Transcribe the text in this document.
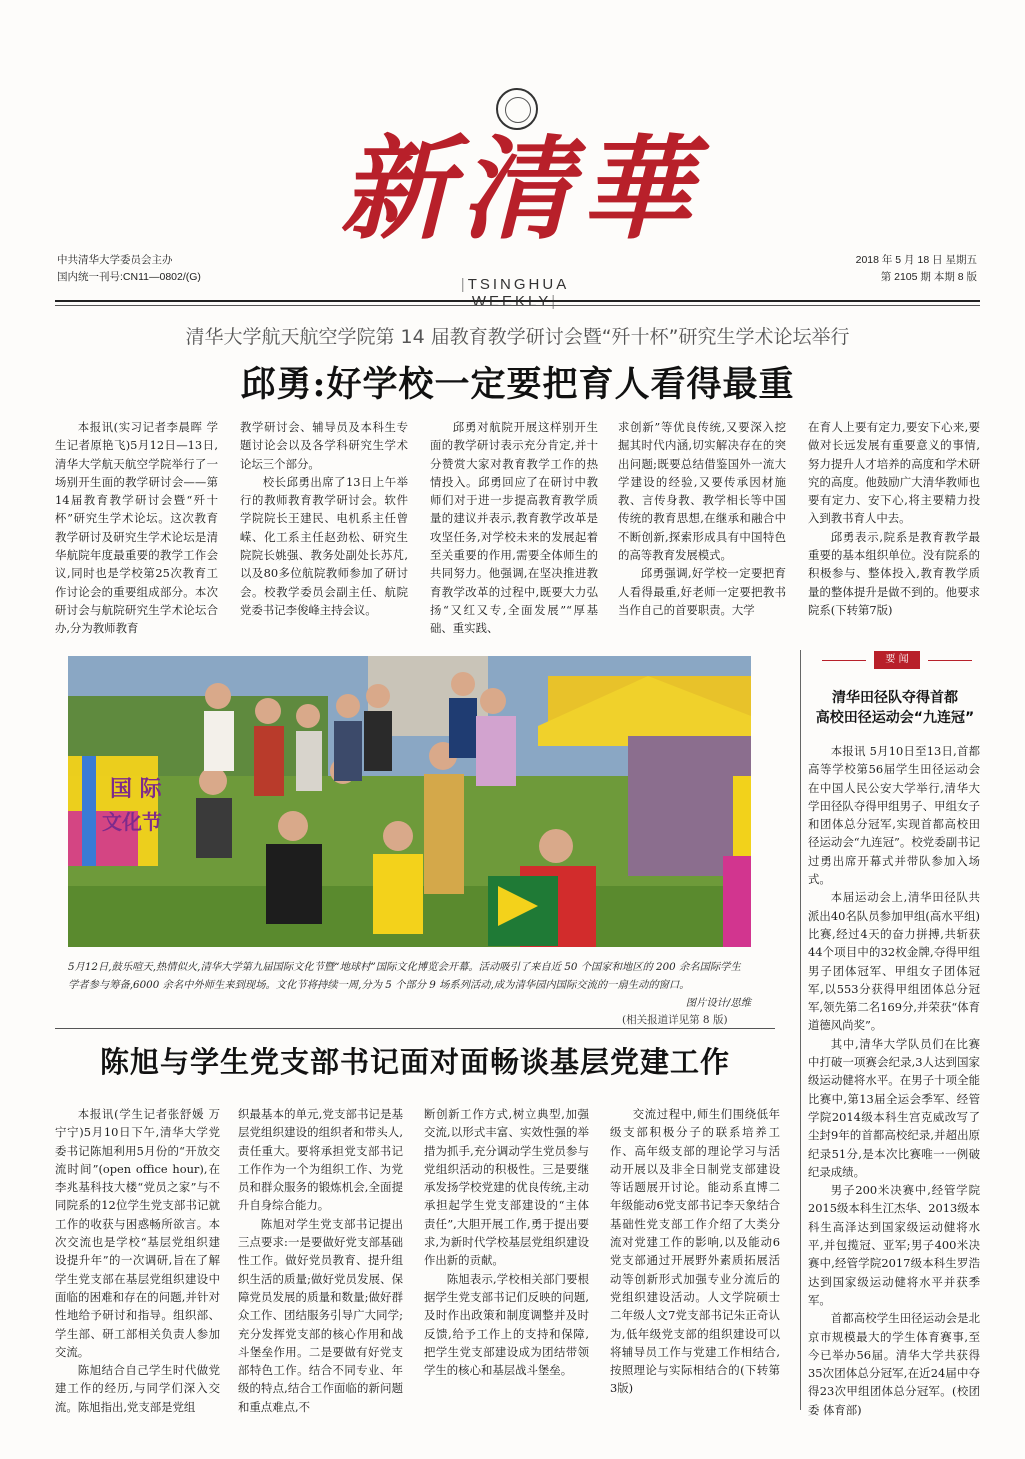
新清華
中共清华大学委员会主办
国内统一刊号:CN11—0802/(G)	|TSINGHUA
2018 年 5 月 18 日 星期五
第 2105 期 本期 8 版
清华大学航天航空学院第 14 届教育教学研讨会暨“歼十杯”研究生学术论坛举行
邱勇:好学校一定要把育人看得最重

本报讯(实习记者李晨晖 学生记者原艳飞)5月12日—13日,清华大学航天航空学院举行了一场别开生面的教学研讨会——第14届教育教学研讨会暨“歼十杯”研究生学术论坛。这次教育教学研讨及研究生学术论坛是清华航院年度最重要的教学工作会议,同时也是学校第25次教育工作讨论会的重要组成部分。本次研讨会与航院研究生学术论坛合办,分为教师教育

教学研讨会、辅导员及本科生专题讨论会以及各学科研究生学术论坛三个部分。

校长邱勇出席了13日上午举行的教师教育教学研讨会。软件学院院长王建民、电机系主任曾嵘、化工系主任赵劲松、研究生院院长姚强、教务处副处长苏芃,以及80多位航院教师参加了研讨会。校教学委员会副主任、航院党委书记李俊峰主持会议。

邱勇对航院开展这样别开生面的教学研讨表示充分肯定,并十分赞赏大家对教育教学工作的热情投入。邱勇回应了在研讨中教师们对于进一步提高教育教学质量的建议并表示,教育教学改革是攻坚任务,对学校未来的发展起着至关重要的作用,需要全体师生的共同努力。他强调,在坚决推进教育教学改革的过程中,既要大力弘扬“又红又专,全面发展”“厚基础、重实践、

求创新”等优良传统,又要深入挖掘其时代内涵,切实解决存在的突出问题;既要总结借鉴国外一流大学建设的经验,又要传承因材施教、言传身教、教学相长等中国传统的教育思想,在继承和融合中不断创新,探索形成具有中国特色的高等教育发展模式。

邱勇强调,好学校一定要把育人看得最重,好老师一定要把教书当作自己的首要职责。大学

在育人上要有定力,要安下心来,要做对长远发展有重要意义的事情,努力提升人才培养的高度和学术研究的高度。他鼓励广大清华教师也要有定力、安下心,将主要精力投入到教书育人中去。

邱勇表示,院系是教育教学最重要的基本组织单位。没有院系的积极参与、整体投入,教育教学质量的整体提升是做不到的。他要求院系(下转第7版)

国 际
文化节
5月12日,鼓乐喧天,热情似火,清华大学第九届国际文化节暨“地球村”国际文化博览会开幕。活动吸引了来自近 50 个国家和地区的 200 余名国际学生学者参与筹备,6000 余名中外师生来到现场。文化节将持续一周,分为 5 个部分 9 场系列活动,成为清华园内国际交流的一扇生动的窗口。
图片设计/思维
(相关报道详见第 8 版)
陈旭与学生党支部书记面对面畅谈基层党建工作

本报讯(学生记者张舒媛 万宁宁)5月10日下午,清华大学党委书记陈旭利用5月份的“开放交流时间”(open office hour),在李兆基科技大楼“党员之家”与不同院系的12位学生党支部书记就工作的收获与困惑畅所欲言。本次交流也是学校“基层党组织建设提升年”的一次调研,旨在了解学生党支部在基层党组织建设中面临的困难和存在的问题,并针对性地给予研讨和指导。组织部、学生部、研工部相关负责人参加交流。

陈旭结合自己学生时代做党建工作的经历,与同学们深入交流。陈旭指出,党支部是党组

织最基本的单元,党支部书记是基层党组织建设的组织者和带头人,责任重大。要将承担党支部书记工作作为一个为组织工作、为党员和群众服务的锻炼机会,全面提升自身综合能力。

陈旭对学生党支部书记提出三点要求:一是要做好党支部基础性工作。做好党员教育、提升组织生活的质量;做好党员发展、保障党员发展的质量和数量;做好群众工作、团结服务引导广大同学;充分发挥党支部的核心作用和战斗堡垒作用。二是要做有好党支部特色工作。结合不同专业、年级的特点,结合工作面临的新问题和重点难点,不

断创新工作方式,树立典型,加强交流,以形式丰富、实效性强的举措为抓手,充分调动学生党员参与党组织活动的积极性。三是要继承发扬学校党建的优良传统,主动承担起学生党支部建设的“主体责任”,大胆开展工作,勇于提出要求,为新时代学校基层党组织建设作出新的贡献。

陈旭表示,学校相关部门要根据学生党支部书记们反映的问题,及时作出政策和制度调整并及时反馈,给予工作上的支持和保障,把学生党支部建设成为团结带领学生的核心和基层战斗堡垒。

交流过程中,师生们围绕低年级支部积极分子的联系培养工作、高年级支部的理论学习与活动开展以及非全日制党支部建设等话题展开讨论。能动系直博二年级能动6党支部书记李天象结合基础性党支部工作介绍了大类分流对党建工作的影响,以及能动6党支部通过开展野外素质拓展活动等创新形式加强专业分流后的党组织建设活动。人文学院硕士二年级人文7党支部书记朱正奇认为,低年级党支部的组织建设可以将辅导员工作与党建工作相结合,按照理论与实际相结合的(下转第3版)

要 闻
清华田径队夺得首都
高校田径运动会“九连冠”

本报讯 5月10日至13日,首都高等学校第56届学生田径运动会在中国人民公安大学举行,清华大学田径队夺得甲组男子、甲组女子和团体总分冠军,实现首都高校田径运动会“九连冠”。校党委副书记过勇出席开幕式并带队参加入场式。

本届运动会上,清华田径队共派出40名队员参加甲组(高水平组)比赛,经过4天的奋力拼搏,共斩获44个项目中的32枚金牌,夺得甲组男子团体冠军、甲组女子团体冠军,以553分获得甲组团体总分冠军,领先第二名169分,并荣获“体育道德风尚奖”。

其中,清华大学队员们在比赛中打破一项赛会纪录,3人达到国家级运动健将水平。在男子十项全能比赛中,第13届全运会季军、经管学院2014级本科生宫克威改写了尘封9年的首都高校纪录,并超出原纪录51分,是本次比赛唯一一例破纪录成绩。

男子200米决赛中,经管学院2015级本科生江杰华、2013级本科生高泽达到国家级运动健将水平,并包揽冠、亚军;男子400米决赛中,经管学院2017级本科生罗浩达到国家级运动健将水平并获季军。

首都高校学生田径运动会是北京市规模最大的学生体育赛事,至今已举办56届。清华大学共获得35次团体总分冠军,在近24届中夺得23次甲组团体总分冠军。(校团委 体育部)
